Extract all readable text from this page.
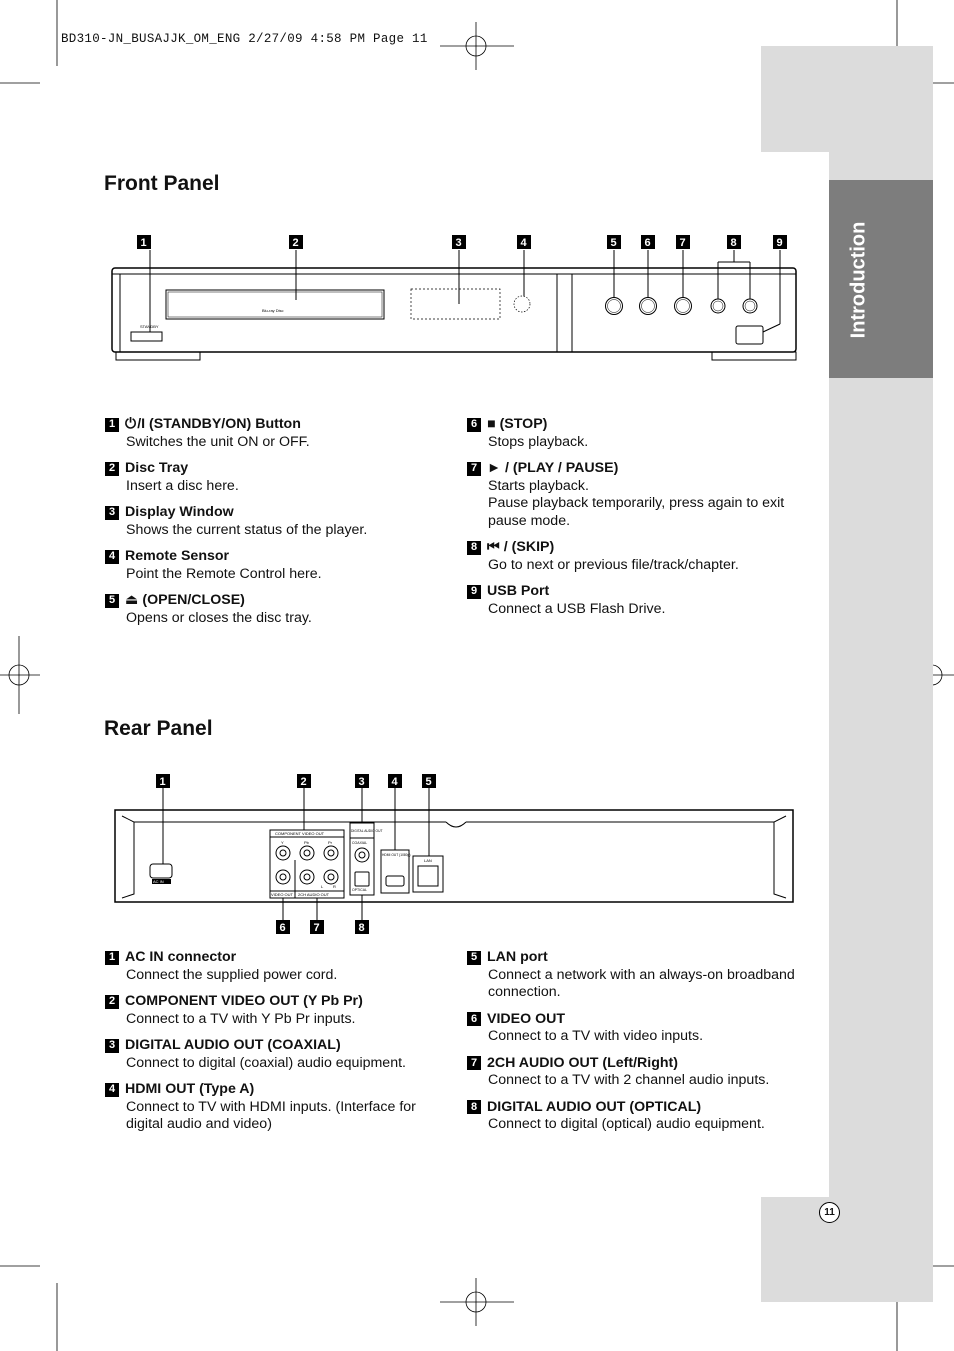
BD310-JN_BUSAJJK_OM_ENG 2/27/09 4:58 PM Page 11
Introduction
11
Front Panel
STANDBY
Blu-ray Disc
1	2	3	4	5	6	7	8	9
1 ⏻ /I (STANDBY/ON) Button
Switches the unit ON or OFF.
2 Disc Tray
Insert a disc here.
3 Display Window
Shows the current status of the player.
4 Remote Sensor
Point the Remote Control here.
5 ⏏ (OPEN/CLOSE)
Opens or closes the disc tray.
6 ■ (STOP)
Stops playback.
7 ► / (PLAY / PAUSE)
Starts playback.
Pause playback temporarily, press again to exit pause mode.
8 ⏮ / (SKIP)
Go to next or previous file/track/chapter.
9 USB Port
Connect a USB Flash Drive.
Rear Panel
AC IN
COMPONENT VIDEO OUT
Y	Pb	Pr
L R
VIDEO OUT 2CH AUDIO OUT
DIGITAL AUDIO OUT
COAXIAL
OPTICAL
HDMI OUT (1080p)
LAN
1	2	3 4	5
6	7	8
1 AC IN connector
Connect the supplied power cord.
2 COMPONENT VIDEO OUT (Y Pb Pr)
Connect to a TV with Y Pb Pr inputs.
3 DIGITAL AUDIO OUT (COAXIAL)
Connect to digital (coaxial) audio equipment.
4 HDMI OUT (Type A)
Connect to TV with HDMI inputs. (Interface for digital audio and video)
5 LAN port
Connect a network with an always-on broadband connection.
6 VIDEO OUT
Connect to a TV with video inputs.
7 2CH AUDIO OUT (Left/Right)
Connect to a TV with 2 channel audio inputs.
8 DIGITAL AUDIO OUT (OPTICAL)
Connect to digital (optical) audio equipment.
